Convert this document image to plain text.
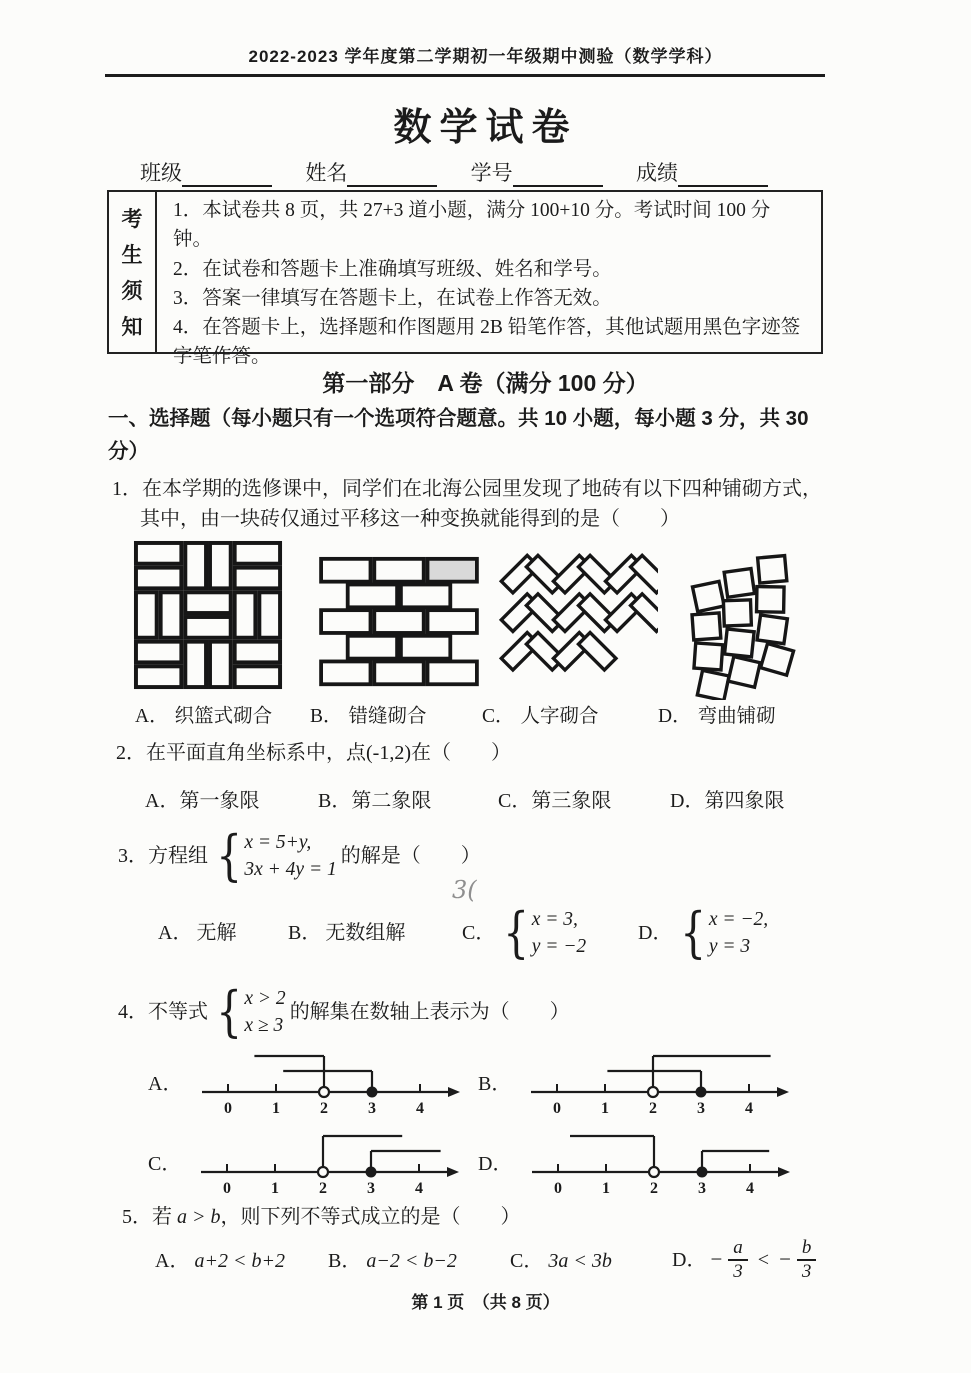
2022-2023 学年度第二学期初一年级期中测验（数学学科）
数学试卷
班级	姓名	学号	成绩
考
生
须
知
1．本试卷共 8 页，共 27+3 道小题，满分 100+10 分。考试时间 100 分钟。
2．在试卷和答题卡上准确填写班级、姓名和学号。
3．答案一律填写在答题卡上，在试卷上作答无效。
4．在答题卡上，选择题和作图题用 2B 铅笔作答，其他试题用黑色字迹签字笔作答。
第一部分　A 卷（满分 100 分）
一、选择题（每小题只有一个选项符合题意。共 10 小题，每小题 3 分，共 30
分）
1．在本学期的选修课中，同学们在北海公园里发现了地砖有以下四种铺砌方式，
其中，由一块砖仅通过平移这一种变换就能得到的是（　　）
A． 织篮式砌合 B． 错缝砌合	C． 人字砌合	D． 弯曲铺砌
2．在平面直角坐标系中，点(-1,2)在（　　）
A．第一象限	B．第二象限	C．第三象限	D．第四象限
3．方程组 { x = 5+y,
3x + 4y = 1
的解是（　　）
3(
A． 无解	B． 无数组解	C． { x = 3,
y = −2
D． { x = −2,
y = 3
4．不等式 { x > 2
x ≥ 3
的解集在数轴上表示为（　　）
A．
0	1	2	3	4
B．
0	1	2	3	4
C．
0	1	2	3	4
D．
0	1	2	3	4
5．若 a > b，则下列不等式成立的是（　　）
A． a+2 < b+2 B． a−2 < b−2	C． 3a < 3b	D． − $\frac{a}{3}$ < − $\frac{b}{3}$
第 1 页　（共 8 页）
